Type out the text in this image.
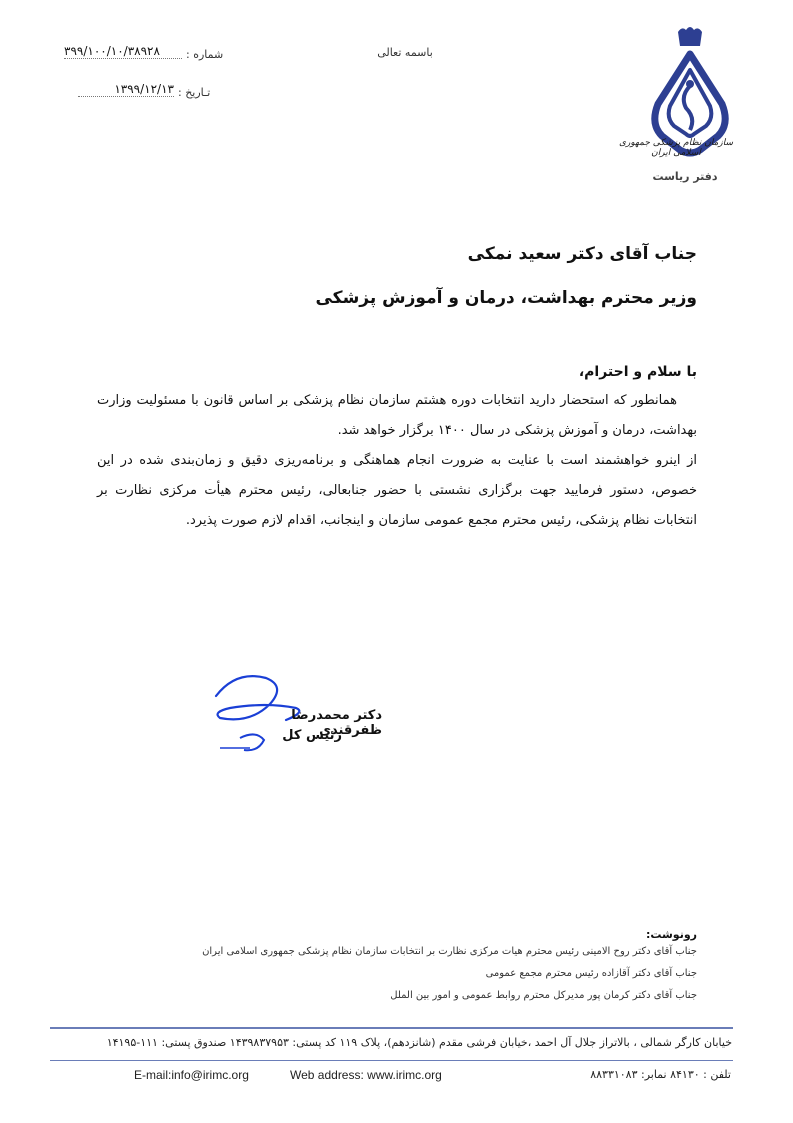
باسمه تعالی
شماره :
۳۹۹/۱۰۰/۱۰/۳۸۹۲۸
تـاریخ :
۱۳۹۹/۱۲/۱۳
سازمان نظام پزشکی جمهوری اسلامی ایران
دفتر ریاست
جناب آقای دکتر سعید نمکی
وزیر محترم بهداشت، درمان و آموزش پزشکی
با سلام و احترام،

همانطور که استحضار دارید انتخابات دوره هشتم سازمان نظام پزشکی بر اساس قانون با مسئولیت وزارت بهداشت، درمان و آموزش پزشکی در سال ۱۴۰۰ برگزار خواهد شد.

از اینرو خواهشمند است با عنایت به ضرورت انجام هماهنگی و برنامه‌ریزی دقیق و زمان‌بندی شده در این خصوص، دستور فرمایید جهت برگزاری نشستی با حضور جنابعالی، رئیس محترم هیأت مرکزی نظارت بر انتخابات نظام پزشکی، رئیس محترم مجمع عمومی سازمان و اینجانب، اقدام لازم صورت پذیرد.

دکتر محمدرضا ظفرقندی
رئیس کل
رونوشت:
جناب آقای دکتر روح الامینی رئیس محترم هیات مرکزی نظارت بر انتخابات سازمان نظام پزشکی جمهوری اسلامی ایران
جناب آقای دکتر آقازاده رئیس محترم مجمع عمومی
جناب آقای دکتر کرمان پور مدیرکل محترم روابط عمومی و امور بین الملل
خیابان کارگر شمالی ، بالاتراز جلال آل احمد ،خیابان فرشی مقدم (شانزدهم)، پلاک ۱۱۹ کد پستی: ۱۴۳۹۸۳۷۹۵۳ صندوق پستی: ۱۱۱-۱۴۱۹۵
E-mail:info@irimc.org	Web address: www.irimc.org	تلفن : ۸۴۱۳۰ نمابر: ۸۸۳۳۱۰۸۳
